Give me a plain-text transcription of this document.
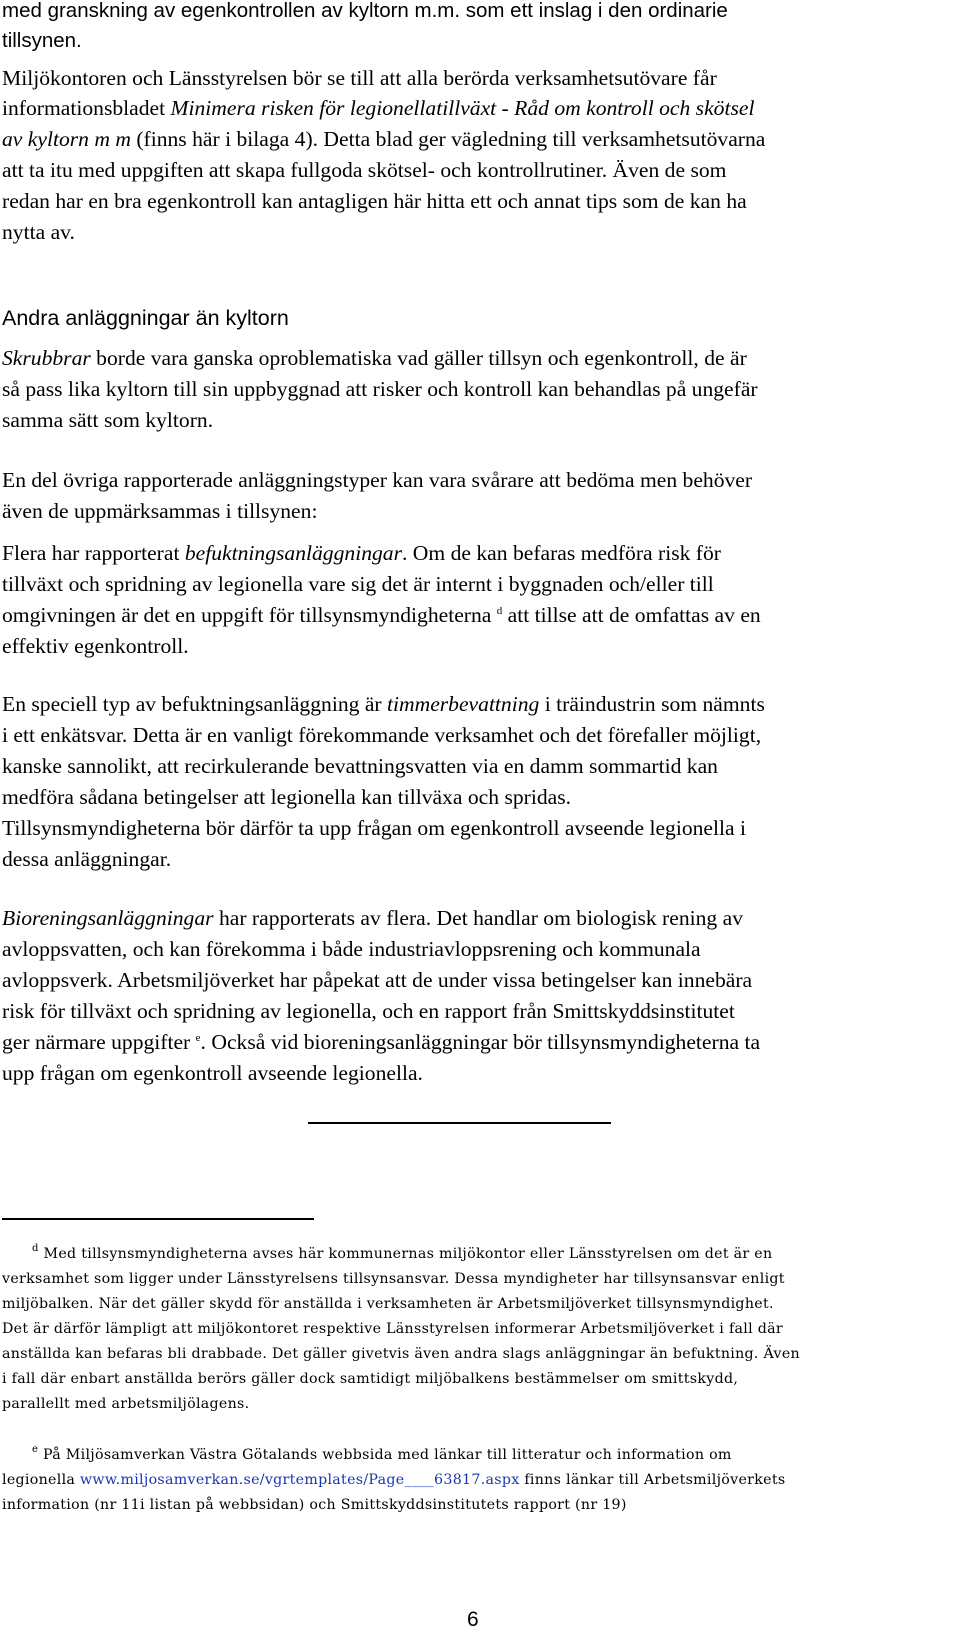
med granskning av egenkontrollen av kyltorn m.m. som ett inslag i den ordinarie
tillsynen.
Miljökontoren och Länsstyrelsen bör se till att alla berörda verksamhetsutövare får
informationsbladet Minimera risken för legionellatillväxt - Råd om kontroll och skötsel
av kyltorn m m (finns här i bilaga 4). Detta blad ger vägledning till verksamhetsutövarna
att ta itu med uppgiften att skapa fullgoda skötsel- och kontrollrutiner. Även de som
redan har en bra egenkontroll kan antagligen här hitta ett och annat tips som de kan ha
nytta av.
Andra anläggningar än kyltorn
Skrubbrar borde vara ganska oproblematiska vad gäller tillsyn och egenkontroll, de är
så pass lika kyltorn till sin uppbyggnad att risker och kontroll kan behandlas på ungefär
samma sätt som kyltorn.
En del övriga rapporterade anläggningstyper kan vara svårare att bedöma men behöver
även de uppmärksammas i tillsynen:
Flera har rapporterat befuktningsanläggningar. Om de kan befaras medföra risk för
tillväxt och spridning av legionella vare sig det är internt i byggnaden och/eller till
omgivningen är det en uppgift för tillsynsmyndigheterna $^d$ att tillse att de omfattas av en
effektiv egenkontroll.
En speciell typ av befuktningsanläggning är timmerbevattning i träindustrin som nämnts
i ett enkätsvar. Detta är en vanligt förekommande verksamhet och det förefaller möjligt,
kanske sannolikt, att recirkulerande bevattningsvatten via en damm sommartid kan
medföra sådana betingelser att legionella kan tillväxa och spridas.
Tillsynsmyndigheterna bör därför ta upp frågan om egenkontroll avseende legionella i
dessa anläggningar.
Bioreningsanläggningar har rapporterats av flera. Det handlar om biologisk rening av
avloppsvatten, och kan förekomma i både industriavloppsrening och kommunala
avloppsverk. Arbetsmiljöverket har påpekat att de under vissa betingelser kan innebära
risk för tillväxt och spridning av legionella, och en rapport från Smittskyddsinstitutet
ger närmare uppgifter $^e$. Också vid bioreningsanläggningar bör tillsynsmyndigheterna ta
upp frågan om egenkontroll avseende legionella.
$^d$ Med tillsynsmyndigheterna avses här kommunernas miljökontor eller Länsstyrelsen om det är en
verksamhet som ligger under Länsstyrelsens tillsynsansvar. Dessa myndigheter har tillsynsansvar enligt
miljöbalken. När det gäller skydd för anställda i verksamheten är Arbetsmiljöverket tillsynsmyndighet.
Det är därför lämpligt att miljökontoret respektive Länsstyrelsen informerar Arbetsmiljöverket i fall där
anställda kan befaras bli drabbade. Det gäller givetvis även andra slags anläggningar än befuktning. Även
i fall där enbart anställda berörs gäller dock samtidigt miljöbalkens bestämmelser om smittskydd,
parallellt med arbetsmiljölagens.
$^e$ På Miljösamverkan Västra Götalands webbsida med länkar till litteratur och information om
legionella www.miljosamverkan.se/vgrtemplates/Page____63817.aspx finns länkar till Arbetsmiljöverkets
information (nr 11i listan på webbsidan) och Smittskyddsinstitutets rapport (nr 19)
6
